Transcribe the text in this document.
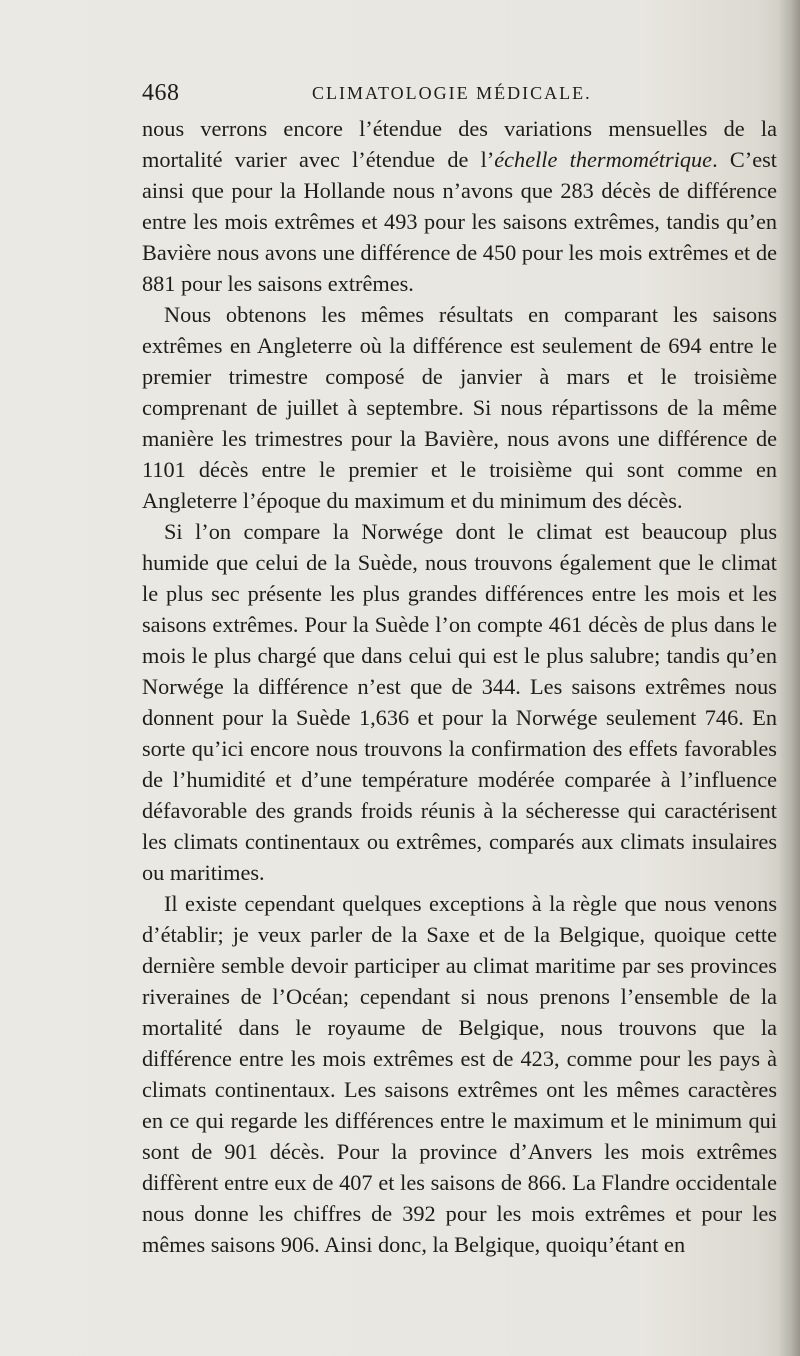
468	CLIMATOLOGIE MÉDICALE.

nous verrons encore l’étendue des variations mensuelles de la mortalité varier avec l’étendue de l’échelle thermométrique. C’est ainsi que pour la Hollande nous n’avons que 283 décès de différence entre les mois extrêmes et 493 pour les saisons extrêmes, tandis qu’en Bavière nous avons une différence de 450 pour les mois extrêmes et de 881 pour les saisons extrêmes.

Nous obtenons les mêmes résultats en comparant les saisons extrêmes en Angleterre où la différence est seulement de 694 entre le premier trimestre composé de janvier à mars et le troisième comprenant de juillet à septembre. Si nous répartissons de la même manière les trimestres pour la Bavière, nous avons une différence de 1101 décès entre le premier et le troisième qui sont comme en Angleterre l’époque du maximum et du minimum des décès.

Si l’on compare la Norwége dont le climat est beaucoup plus humide que celui de la Suède, nous trouvons également que le climat le plus sec présente les plus grandes différences entre les mois et les saisons extrêmes. Pour la Suède l’on compte 461 décès de plus dans le mois le plus chargé que dans celui qui est le plus salubre; tandis qu’en Norwége la différence n’est que de 344. Les saisons extrêmes nous donnent pour la Suède 1,636 et pour la Norwége seulement 746. En sorte qu’ici encore nous trouvons la confirmation des effets favorables de l’humidité et d’une température modérée comparée à l’influence défavorable des grands froids réunis à la sécheresse qui caractérisent les climats continentaux ou extrêmes, comparés aux climats insulaires ou maritimes.

Il existe cependant quelques exceptions à la règle que nous venons d’établir; je veux parler de la Saxe et de la Belgique, quoique cette dernière semble devoir participer au climat maritime par ses provinces riveraines de l’Océan; cependant si nous prenons l’ensemble de la mortalité dans le royaume de Belgique, nous trouvons que la différence entre les mois extrêmes est de 423, comme pour les pays à climats continentaux. Les saisons extrêmes ont les mêmes caractères en ce qui regarde les différences entre le maximum et le minimum qui sont de 901 décès. Pour la province d’Anvers les mois extrêmes diffèrent entre eux de 407 et les saisons de 866. La Flandre occidentale nous donne les chiffres de 392 pour les mois extrêmes et pour les mêmes saisons 906. Ainsi donc, la Belgique, quoiqu’étant en
